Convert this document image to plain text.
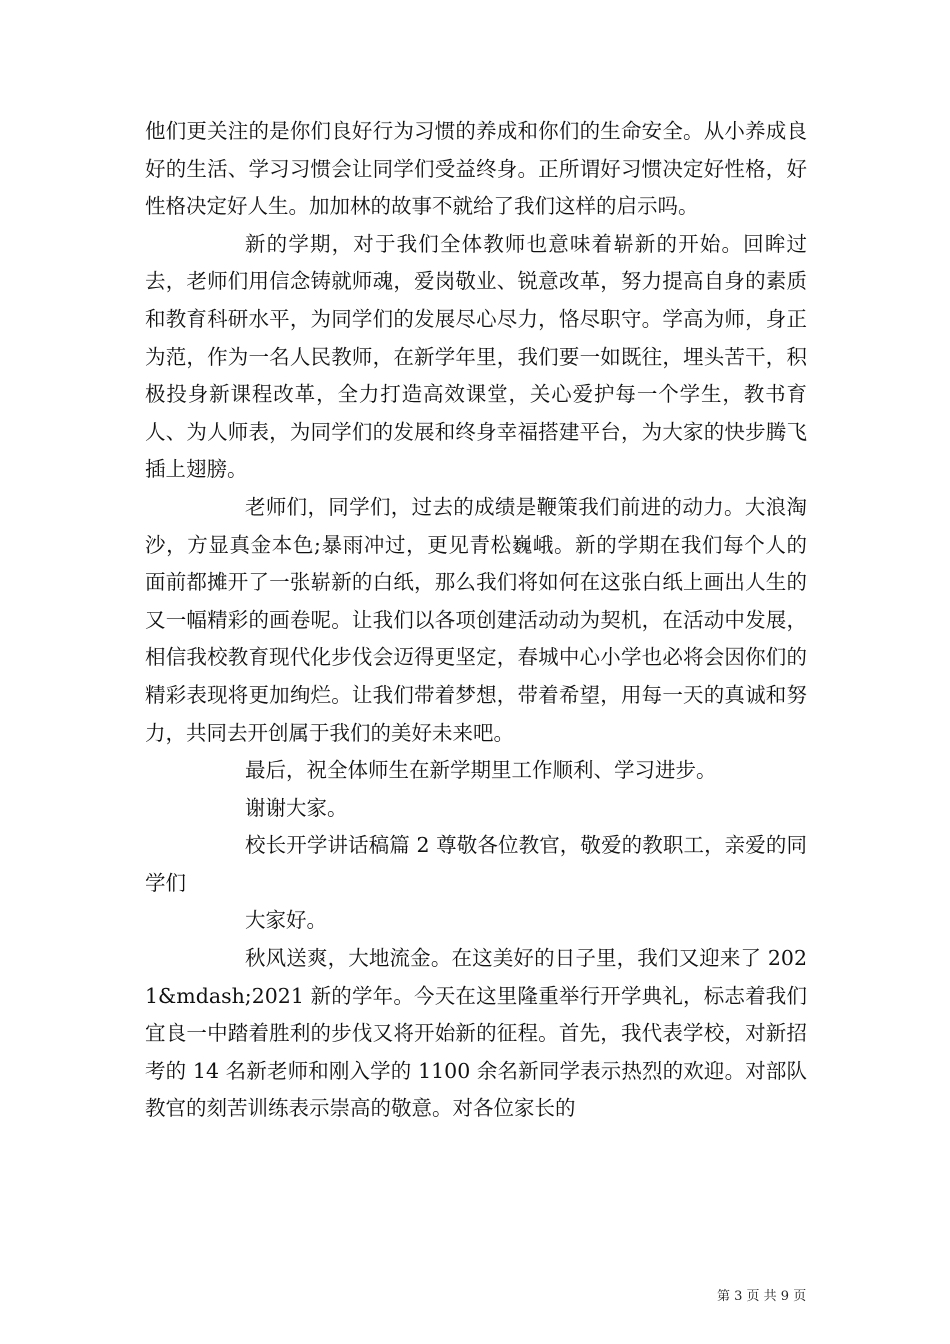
他们更关注的是你们良好行为习惯的养成和你们的生命安全。从小养成良好的生活、学习习惯会让同学们受益终身。正所谓好习惯决定好性格，好性格决定好人生。加加林的故事不就给了我们这样的启示吗。

新的学期，对于我们全体教师也意味着崭新的开始。回眸过去，老师们用信念铸就师魂，爱岗敬业、锐意改革，努力提高自身的素质和教育科研水平，为同学们的发展尽心尽力，恪尽职守。学高为师，身正为范，作为一名人民教师，在新学年里，我们要一如既往，埋头苦干，积极投身新课程改革，全力打造高效课堂，关心爱护每一个学生，教书育人、为人师表，为同学们的发展和终身幸福搭建平台，为大家的快步腾飞插上翅膀。

老师们，同学们，过去的成绩是鞭策我们前进的动力。大浪淘沙，方显真金本色;暴雨冲过，更见青松巍峨。新的学期在我们每个人的面前都摊开了一张崭新的白纸，那么我们将如何在这张白纸上画出人生的又一幅精彩的画卷呢。让我们以各项创建活动动为契机，在活动中发展，相信我校教育现代化步伐会迈得更坚定，春城中心小学也必将会因你们的精彩表现将更加绚烂。让我们带着梦想，带着希望，用每一天的真诚和努力，共同去开创属于我们的美好未来吧。

最后，祝全体师生在新学期里工作顺利、学习进步。

谢谢大家。

校长开学讲话稿篇 2 尊敬各位教官，敬爱的教职工，亲爱的同学们

大家好。

秋风送爽，大地流金。在这美好的日子里，我们又迎来了 2021&mdash;2021 新的学年。今天在这里隆重举行开学典礼，标志着我们宜良一中踏着胜利的步伐又将开始新的征程。首先，我代表学校，对新招考的 14 名新老师和刚入学的 1100 余名新同学表示热烈的欢迎。对部队教官的刻苦训练表示崇高的敬意。对各位家长的

第 3 页 共 9 页
